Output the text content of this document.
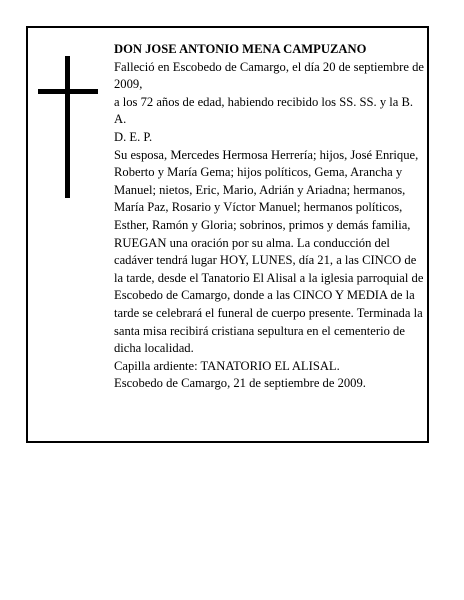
DON JOSE ANTONIO MENA CAMPUZANO

Falleció en Escobedo de Camargo, el día 20 de septiembre de 2009,

a los 72 años de edad, habiendo recibido los SS. SS. y la B. A.

D. E. P.

Su esposa, Mercedes Hermosa Herrería; hijos, José Enrique, Roberto y María Gema; hijos políticos, Gema, Arancha y Manuel; nietos, Eric, Mario, Adrián y Ariadna; hermanos, María Paz, Rosario y Víctor Manuel; hermanos políticos, Esther, Ramón y Gloria; sobrinos, primos y demás familia,

RUEGAN una oración por su alma. La conducción del cadáver tendrá lugar HOY, LUNES, día 21, a las CINCO de la tarde, desde el Tanatorio El Alisal a la iglesia parroquial de Escobedo de Camargo, donde a las CINCO Y MEDIA de la tarde se celebrará el funeral de cuerpo presente. Terminada la santa misa recibirá cristiana sepultura en el cementerio de dicha localidad.

Capilla ardiente: TANATORIO EL ALISAL.

Escobedo de Camargo, 21 de septiembre de 2009.
